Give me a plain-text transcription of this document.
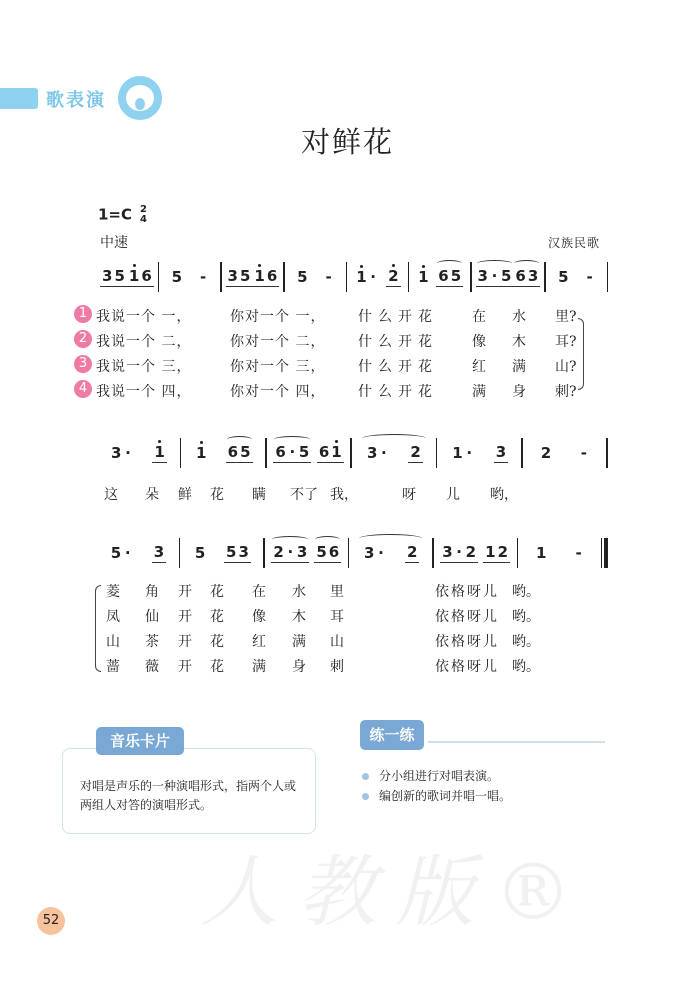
歌表演
对鲜花
1=C 2
4
中速	汉族民歌
3 5 1 6 5 - 3 5 1 6 5 - 1 · 2 1 6 5 3 · 5 6 3 5 -
1 我说一个 一，	你对一个 一， 什么开花 在 水 里?
2 我说一个 二，	你对一个 二， 什么开花 像 木 耳?
3 我说一个 三，	你对一个 三， 什么开花 红 满 山?
4 我说一个 四，	你对一个 四， 什么开花 满 身 刺?
3 · 1 1 6 5 6 · 5 6 1 3 · 2 1 · 3 2 -
这 朵 鲜 花 瞒 不了 我，	呀 儿 哟，
5 · 3 5 5 3 2 · 3 5 6 3 · 2 3 · 2 1 2 1 -
菱 角 开 花 在 水 里	依格呀儿 哟。
凤 仙 开 花 像 木 耳	依格呀儿 哟。
山 茶 开 花 红 满 山	依格呀儿 哟。
蔷 薇 开 花 满 身 刺	依格呀儿 哟。
音乐卡片
对唱是声乐的一种演唱形式，指两个人或两组人对答的演唱形式。
练一练
分小组进行对唱表演。
编创新的歌词并唱一唱。
人教版®
52
